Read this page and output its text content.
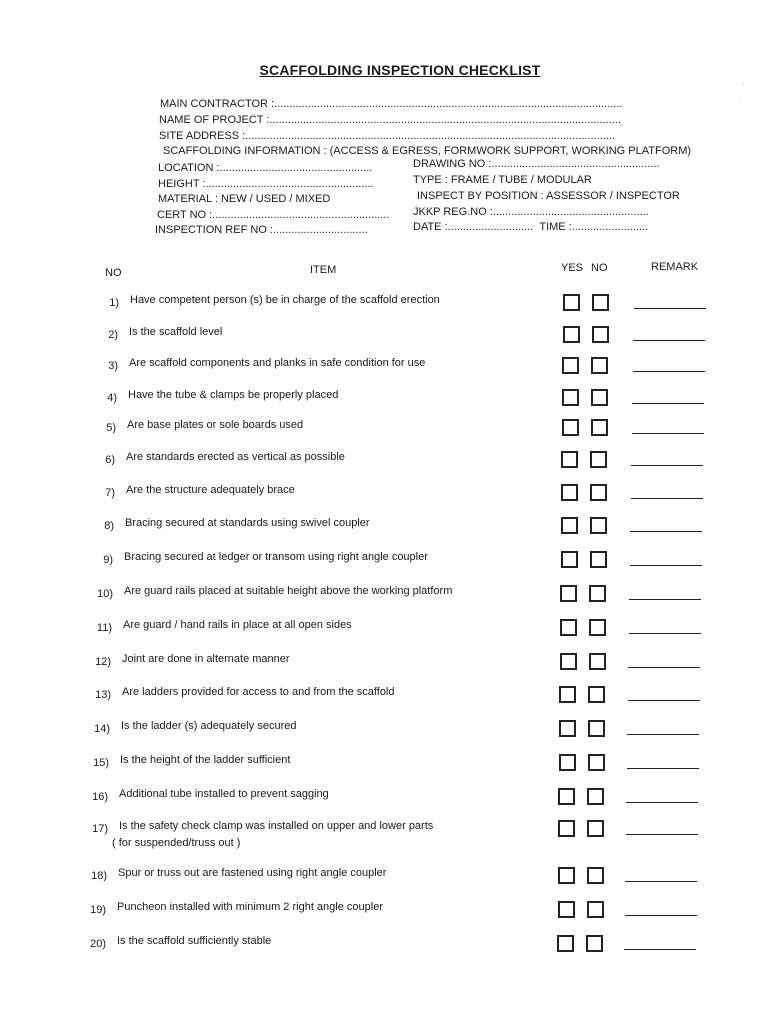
SCAFFOLDING INSPECTION CHECKLIST
MAIN CONTRACTOR :..................................................................................................................
NAME OF PROJECT :...................................................................................................................
SITE ADDRESS :.........................................................................................................................
SCAFFOLDING INFORMATION : (ACCESS & EGRESS, FORMWORK SUPPORT, WORKING PLATFORM)
LOCATION :..................................................	DRAWING NO :.......................................................
HEIGHT :.......................................................	TYPE : FRAME / TUBE / MODULAR
MATERIAL : NEW / USED / MIXED	INSPECT BY POSITION : ASSESSOR / INSPECTOR
CERT NO :.......................................................... JKKP REG.NO :...................................................
INSPECTION REF NO :...............................	DATE :............................ TIME :.........................
NO	ITEM	YES NO	REMARK
1) Have competent person (s) be in charge of the scaffold erection
2) Is the scaffold level
3) Are scaffold components and planks in safe condition for use
4) Have the tube & clamps be properly placed
5) Are base plates or sole boards used
6) Are standards erected as vertical as possible
7) Are the structure adequately brace
8) Bracing secured at standards using swivel coupler
9) Bracing secured at ledger or transom using right angle coupler
10) Are guard rails placed at suitable height above the working platform
11) Are guard / hand rails in place at all open sides
12) Joint are done in alternate manner
13) Are ladders provided for access to and from the scaffold
14) Is the ladder (s) adequately secured
15) Is the height of the ladder sufficient
16) Additional tube installed to prevent sagging
17) Is the safety check clamp was installed on upper and lower parts
( for suspended/truss out )
18) Spur or truss out are fastened using right angle coupler
19) Puncheon installed with minimum 2 right angle coupler
20) Is the scaffold sufficiently stable
·
·
